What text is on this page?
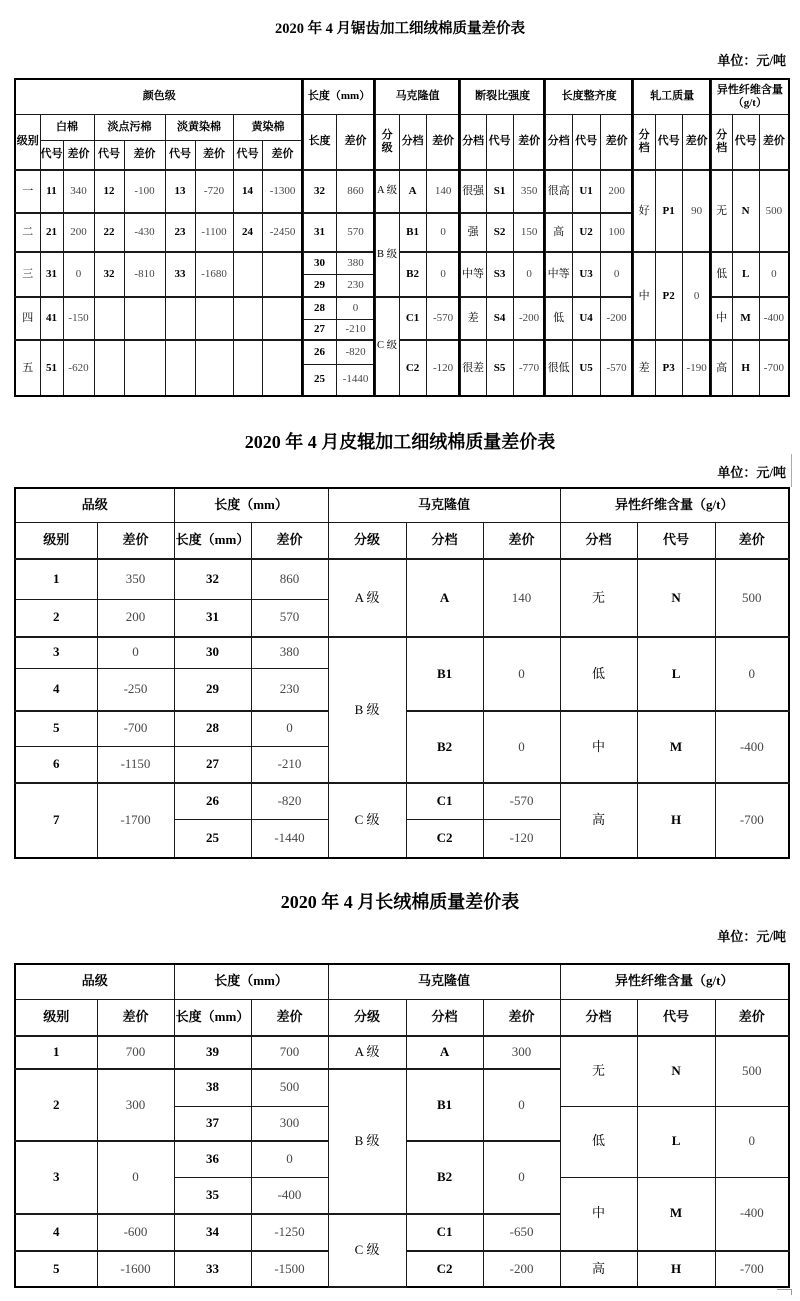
2020 年 4 月锯齿加工细绒棉质量差价表
单位：元/吨
颜色级									长度（mm）		马克隆值			断裂比强度			长度整齐度			轧工质量			异性纤维含量（g/t）		
级别	白棉		淡点污棉		淡黄染棉		黄染棉		长度	差价	分级	分档	差价	分档	代号	差价	分档	代号	差价	分档	代号	差价	分档	代号	差价
	代号	差价	代号	差价	代号	差价	代号	差价																	
一	11	340	12	-100	13	-720	14	-1300	32	860	A 级	A	140	很强	S1	350	很高	U1	200	好	P1	90	无	N	500
二	21	200	22	-430	23	-1100	24	-2450	31	570	B 级	B1	0	强	S2	150	高	U2	100						
三	31	0	32	-810	33	-1680			30	380		B2	0	中等	S3	0	中等	U3	0	中	P2	0	低	L	0
									29	230															
四	41	-150							28	0	C 级	C1	-570	差	S4	-200	低	U4	-200				中	M	-400
									27	-210															
五	51	-620							26	-820		C2	-120	很差	S5	-770	很低	U5	-570	差	P3	-190	高	H	-700
									25	-1440															
2020 年 4 月皮辊加工细绒棉质量差价表
单位：元/吨
品级		长度（mm）		马克隆值			异性纤维含量（g/t）		
级别	差价	长度（mm）	差价	分级	分档	差价	分档	代号	差价
1	350	32	860	A 级	A	140	无	N	500
2	200	31	570						
3	0	30	380	B 级	B1	0	低	L	0
4	-250	29	230						
5	-700	28	0		B2	0	中	M	-400
6	-1150	27	-210						
7	-1700	26	-820	C 级	C1	-570	高	H	-700
		25	-1440		C2	-120			
2020 年 4 月长绒棉质量差价表
单位：元/吨
品级		长度（mm）		马克隆值			异性纤维含量（g/t）		
级别	差价	长度（mm）	差价	分级	分档	差价	分档	代号	差价
1	700	39	700	A 级	A	300	无	N	500
2	300	38	500	B 级	B1	0			
		37	300				低	L	0
3	0	36	0		B2	0			
		35	-400				中	M	-400
4	-600	34	-1250	C 级	C1	-650			
5	-1600	33	-1500		C2	-200	高	H	-700
